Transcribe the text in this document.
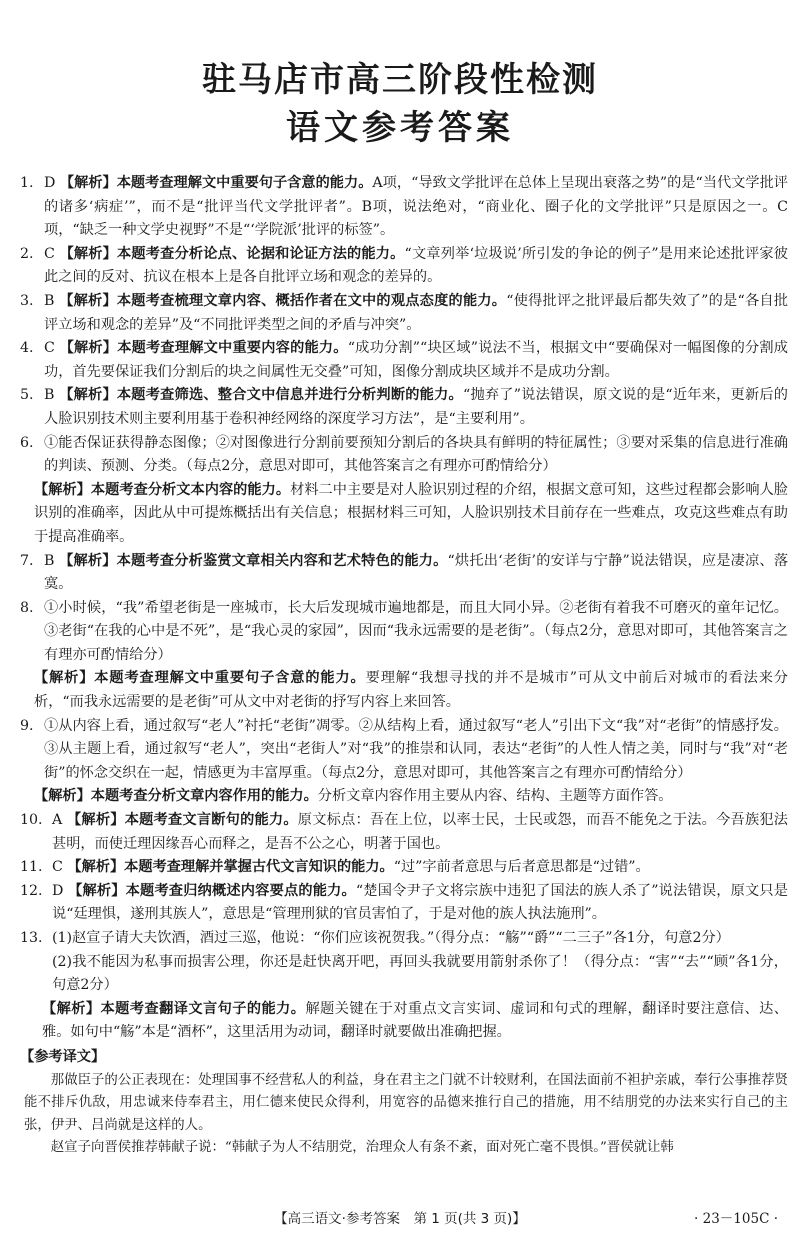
驻马店市高三阶段性检测
语文参考答案
1. D 【解析】本题考查理解文中重要句子含意的能力。A项，“导致文学批评在总体上呈现出衰落之势”的是“当代文学批评的诸多‘病症’”，而不是“批评当代文学批评者”。B项，说法绝对，“商业化、圈子化的文学批评”只是原因之一。C项，“缺乏一种文学史视野”不是“‘学院派’批评的标签”。
2. C 【解析】本题考查分析论点、论据和论证方法的能力。“文章列举‘垃圾说’所引发的争论的例子”是用来论述批评家彼此之间的反对、抗议在根本上是各自批评立场和观念的差异的。
3. B 【解析】本题考查梳理文章内容、概括作者在文中的观点态度的能力。“使得批评之批评最后都失效了”的是“各自批评立场和观念的差异”及“不同批评类型之间的矛盾与冲突”。
4. C 【解析】本题考查理解文中重要内容的能力。“成功分割”“块区域”说法不当，根据文中“要确保对一幅图像的分割成功，首先要保证我们分割后的块之间属性无交叠”可知，图像分割成块区域并不是成功分割。
5. B 【解析】本题考查筛选、整合文中信息并进行分析判断的能力。“抛弃了”说法错误，原文说的是“近年来，更新后的人脸识别技术则主要利用基于卷积神经网络的深度学习方法”，是“主要利用”。
6. ①能否保证获得静态图像；②对图像进行分割前要预知分割后的各块具有鲜明的特征属性；③要对采集的信息进行准确的判读、预测、分类。（每点2分，意思对即可，其他答案言之有理亦可酌情给分）
【解析】本题考查分析文本内容的能力。材料二中主要是对人脸识别过程的介绍，根据文意可知，这些过程都会影响人脸识别的准确率，因此从中可提炼概括出有关信息；根据材料三可知，人脸识别技术目前存在一些难点，攻克这些难点有助于提高准确率。
7. B 【解析】本题考查分析鉴赏文章相关内容和艺术特色的能力。“烘托出‘老街’的安详与宁静”说法错误，应是凄凉、落寞。
8. ①小时候，“我”希望老街是一座城市，长大后发现城市遍地都是，而且大同小异。②老街有着我不可磨灭的童年记忆。③老街“在我的心中是不死”，是“我心灵的家园”，因而“我永远需要的是老街”。（每点2分，意思对即可，其他答案言之有理亦可酌情给分）
【解析】本题考查理解文中重要句子含意的能力。要理解“我想寻找的并不是城市”可从文中前后对城市的看法来分析，“而我永远需要的是老街”可从文中对老街的抒写内容上来回答。
9. ①从内容上看，通过叙写“老人”衬托“老街”凋零。②从结构上看，通过叙写“老人”引出下文“我”对“老街”的情感抒发。③从主题上看，通过叙写“老人”，突出“老街人”对“我”的推崇和认同，表达“老街”的人性人情之美，同时与“我”对“老街”的怀念交织在一起，情感更为丰富厚重。（每点2分，意思对即可，其他答案言之有理亦可酌情给分）
【解析】本题考查分析文章内容作用的能力。分析文章内容作用主要从内容、结构、主题等方面作答。
10. A 【解析】本题考查文言断句的能力。原文标点：吾在上位，以率士民，士民或怨，而吾不能免之于法。今吾族犯法甚明，而使迁理因缘吾心而释之，是吾不公之心，明著于国也。
11. C 【解析】本题考查理解并掌握古代文言知识的能力。“过”字前者意思与后者意思都是“过错”。
12. D 【解析】本题考查归纳概述内容要点的能力。“楚国令尹子文将宗族中违犯了国法的族人杀了”说法错误，原文只是说“廷理惧，遂刑其族人”，意思是“管理刑狱的官员害怕了，于是对他的族人执法施刑”。
13. (1)赵宣子请大夫饮酒，酒过三巡，他说：“你们应该祝贺我。”（得分点：“觞”“爵”“二三子”各1分，句意2分）
(2)我不能因为私事而损害公理，你还是赶快离开吧，再回头我就要用箭射杀你了！（得分点：“害”“去”“顾”各1分，句意2分）
【解析】本题考查翻译文言句子的能力。解题关键在于对重点文言实词、虚词和句式的理解，翻译时要注意信、达、雅。如句中“觞”本是“酒杯”，这里活用为动词，翻译时就要做出准确把握。
【参考译文】
那做臣子的公正表现在：处理国事不经营私人的利益，身在君主之门就不计较财利，在国法面前不袒护亲戚，奉行公事推荐贤能不排斥仇敌，用忠诚来侍奉君主，用仁德来使民众得利，用宽容的品德来推行自己的措施，用不结朋党的办法来实行自己的主张，伊尹、吕尚就是这样的人。
赵宣子向晋侯推荐韩献子说：“韩献子为人不结朋党，治理众人有条不紊，面对死亡毫不畏惧。”晋侯就让韩
【高三语文·参考答案　第 1 页(共 3 页)】	· 23－105C ·
